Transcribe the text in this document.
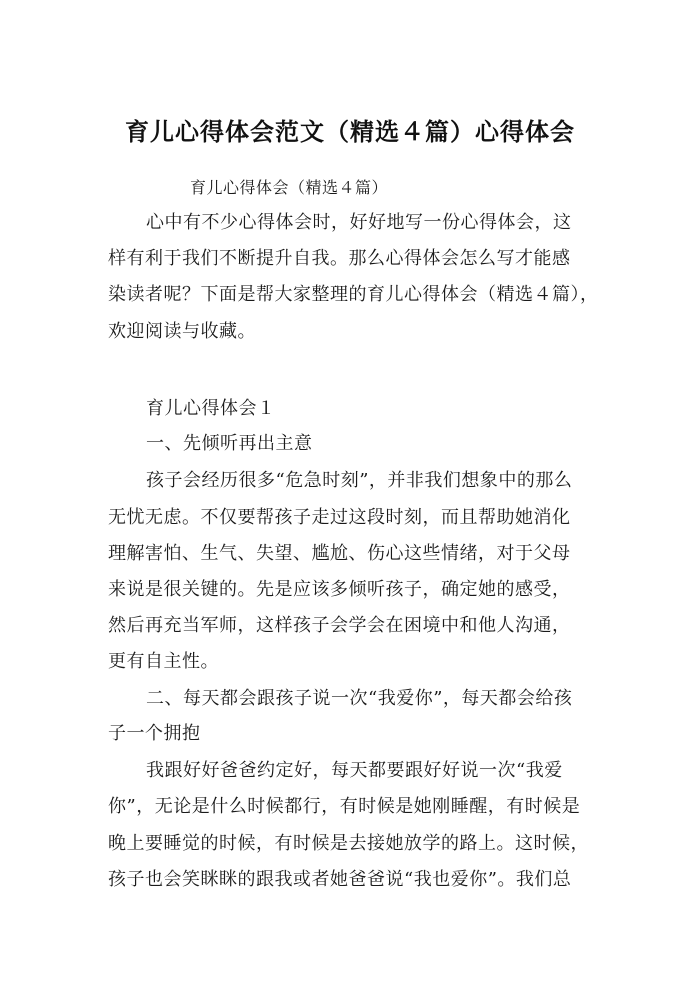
育儿心得体会范文（精选４篇）心得体会
育儿心得体会（精选４篇）
心中有不少心得体会时，好好地写一份心得体会，这
样有利于我们不断提升自我。那么心得体会怎么写才能感
染读者呢？下面是帮大家整理的育儿心得体会（精选４篇），
欢迎阅读与收藏。
育儿心得体会１
一、先倾听再出主意
孩子会经历很多“危急时刻”，并非我们想象中的那么
无忧无虑。不仅要帮孩子走过这段时刻，而且帮助她消化
理解害怕、生气、失望、尴尬、伤心这些情绪，对于父母
来说是很关键的。先是应该多倾听孩子，确定她的感受，
然后再充当军师，这样孩子会学会在困境中和他人沟通，
更有自主性。
二、每天都会跟孩子说一次“我爱你”，每天都会给孩
子一个拥抱
我跟好好爸爸约定好，每天都要跟好好说一次“我爱
你”，无论是什么时候都行，有时候是她刚睡醒，有时候是
晚上要睡觉的时候，有时候是去接她放学的路上。这时候，
孩子也会笑眯眯的跟我或者她爸爸说“我也爱你”。我们总
